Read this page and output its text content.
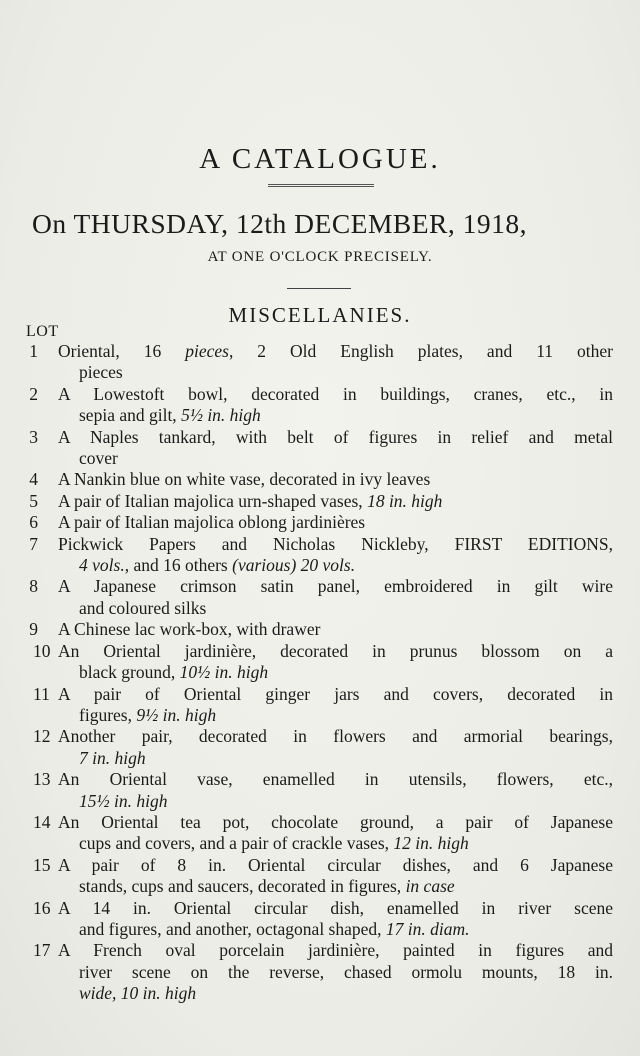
A CATALOGUE.
On THURSDAY, 12th DECEMBER, 1918,
AT ONE O'CLOCK PRECISELY.
MISCELLANIES.
LOT
1	Oriental, 16 pieces, 2 Old English plates, and 11 other
pieces
2	A Lowestoft bowl, decorated in buildings, cranes, etc., in
sepia and gilt, 5½ in. high
3	A Naples tankard, with belt of figures in relief and metal
cover
4	A Nankin blue on white vase, decorated in ivy leaves
5	A pair of Italian majolica urn-shaped vases, 18 in. high
6	A pair of Italian majolica oblong jardinières
7	Pickwick Papers and Nicholas Nickleby, FIRST EDITIONS,
4 vols., and 16 others (various) 20 vols.
8	A Japanese crimson satin panel, embroidered in gilt wire
and coloured silks
9	A Chinese lac work-box, with drawer
10 An Oriental jardinière, decorated in prunus blossom on a
black ground, 10½ in. high
11 A pair of Oriental ginger jars and covers, decorated in
figures, 9½ in. high
12 Another pair, decorated in flowers and armorial bearings,
7 in. high
13 An Oriental vase, enamelled in utensils, flowers, etc.,
15½ in. high
14 An Oriental tea pot, chocolate ground, a pair of Japanese
cups and covers, and a pair of crackle vases, 12 in. high
15 A pair of 8 in. Oriental circular dishes, and 6 Japanese
stands, cups and saucers, decorated in figures, in case
16 A 14 in. Oriental circular dish, enamelled in river scene
and figures, and another, octagonal shaped, 17 in. diam.
17 A French oval porcelain jardinière, painted in figures and
river scene on the reverse, chased ormolu mounts, 18 in.
wide, 10 in. high
